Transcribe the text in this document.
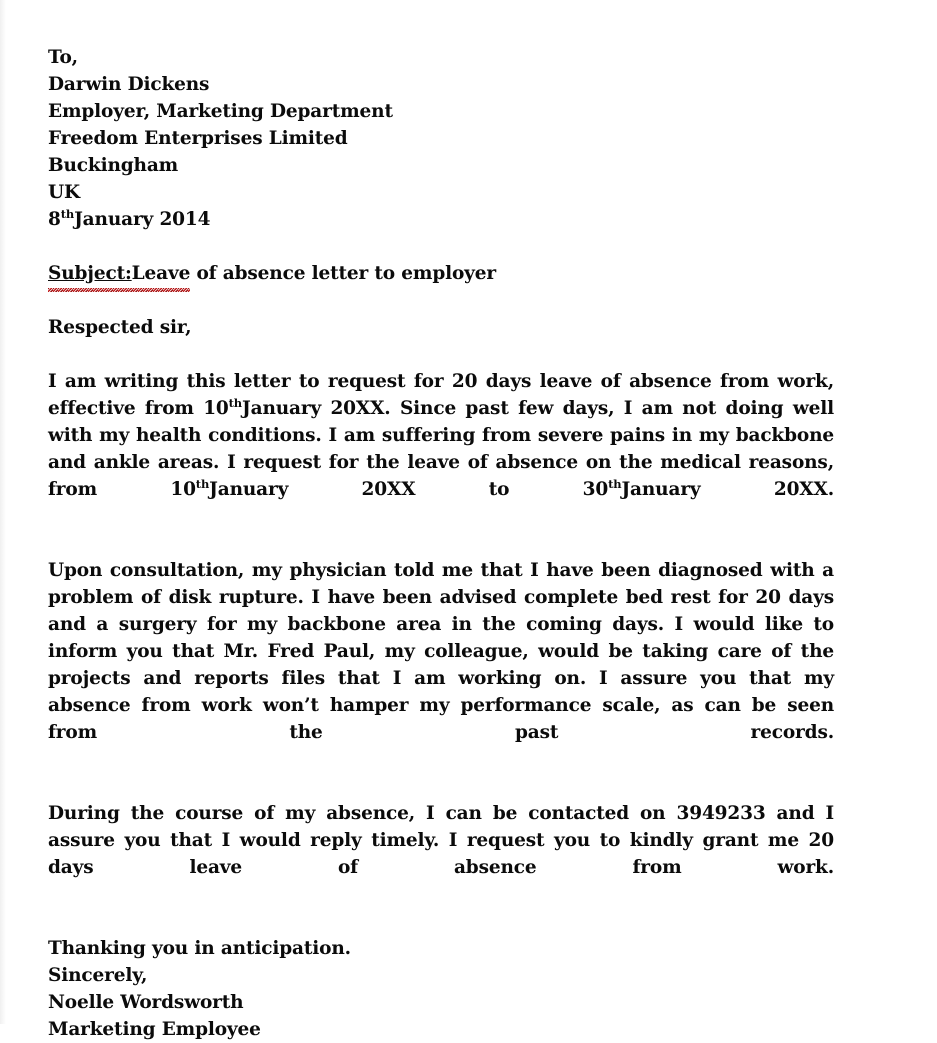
To,
Darwin Dickens
Employer, Marketing Department
Freedom Enterprises Limited
Buckingham
UK
8thJanuary 2014
Subject:Leave of absence letter to employer
Respected sir,

I am writing this letter to request for 20 days leave of absence from work, effective from 10thJanuary 20XX. Since past few days, I am not doing well with my health conditions. I am suffering from severe pains in my backbone and ankle areas. I request for the leave of absence on the medical reasons, from 10thJanuary 20XX to 30thJanuary 20XX.

Upon consultation, my physician told me that I have been diagnosed with a problem of disk rupture. I have been advised complete bed rest for 20 days and a surgery for my backbone area in the coming days. I would like to inform you that Mr. Fred Paul, my colleague, would be taking care of the projects and reports files that I am working on. I assure you that my absence from work won’t hamper my performance scale, as can be seen from the past records.

During the course of my absence, I can be contacted on 3949233 and I assure you that I would reply timely. I request you to kindly grant me 20 days leave of absence from work.

Thanking you in anticipation.
Sincerely,
Noelle Wordsworth
Marketing Employee
